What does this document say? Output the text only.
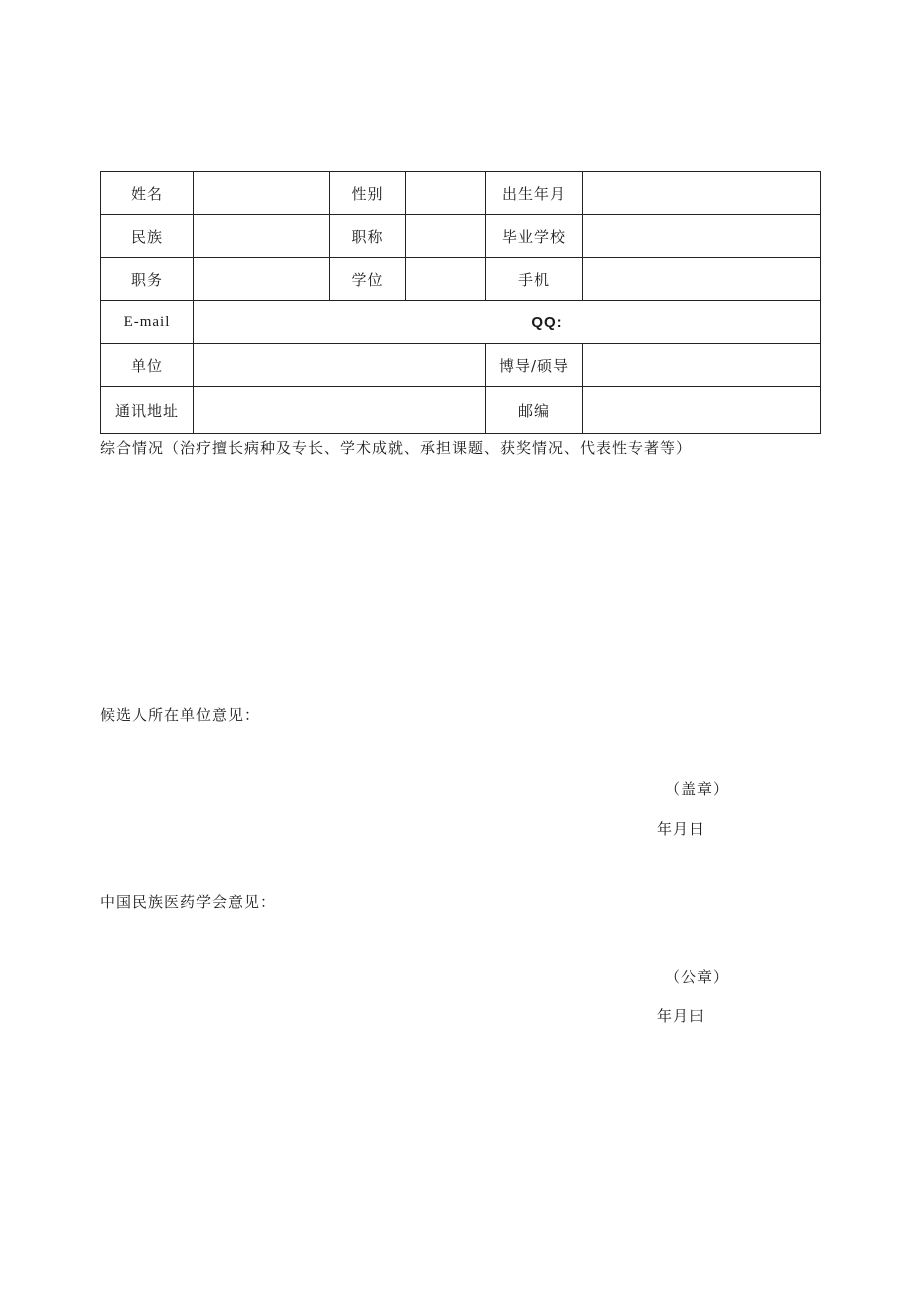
姓名		性别		出生年月	
民族		职称		毕业学校	
职务		学位		手机	
E-mail	QQ:				
单位				博导/硕导	
通讯地址				邮编	
综合情况（治疗擅长病种及专长、学术成就、承担课题、获奖情况、代表性专著等）
候选人所在单位意见：
（盖章）
年月日
中国民族医药学会意见：
（公章）
年月曰
